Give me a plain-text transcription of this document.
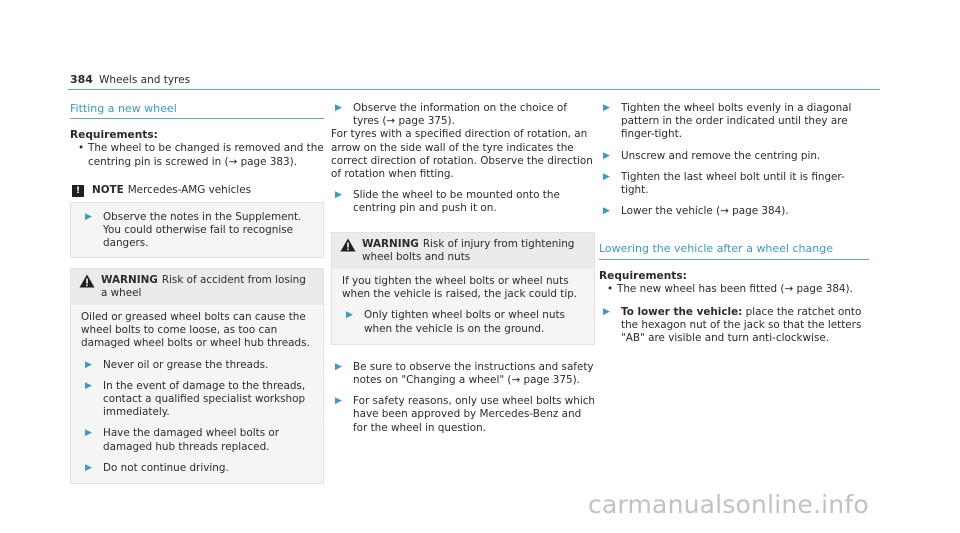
384 Wheels and tyres
Fitting a new wheel
Requirements:
• The wheel to be changed is removed and the centring pin is screwed in (→ page 383).
!	NOTE Mercedes-AMG vehicles
▶	Observe the notes in the Supplement. You could otherwise fail to recognise dangers.
WARNING Risk of accident from losing a wheel

Oiled or greased wheel bolts can cause the wheel bolts to come loose, as too can damaged wheel bolts or wheel hub threads.

▶	Never oil or grease the threads.
▶	In the event of damage to the threads, contact a qualified specialist workshop immediately.
▶	Have the damaged wheel bolts or damaged hub threads replaced.
▶	Do not continue driving.
▶	Observe the information on the choice of tyres (→ page 375).

For tyres with a specified direction of rotation, an arrow on the side wall of the tyre indicates the correct direction of rotation. Observe the direction of rotation when fitting.

▶	Slide the wheel to be mounted onto the centring pin and push it on.
WARNING Risk of injury from tightening wheel bolts and nuts

If you tighten the wheel bolts or wheel nuts when the vehicle is raised, the jack could tip.

▶	Only tighten wheel bolts or wheel nuts when the vehicle is on the ground.
▶	Be sure to observe the instructions and safety notes on "Changing a wheel" (→ page 375).
▶	For safety reasons, only use wheel bolts which have been approved by Mercedes-Benz and for the wheel in question.
▶	Tighten the wheel bolts evenly in a diagonal pattern in the order indicated until they are finger-tight.
▶	Unscrew and remove the centring pin.
▶	Tighten the last wheel bolt until it is finger-tight.
▶	Lower the vehicle (→ page 384).
Lowering the vehicle after a wheel change
Requirements:
• The new wheel has been fitted (→ page 384).
▶	To lower the vehicle: place the ratchet onto the hexagon nut of the jack so that the letters "AB" are visible and turn anti-clockwise.
carmanualsonline.info
